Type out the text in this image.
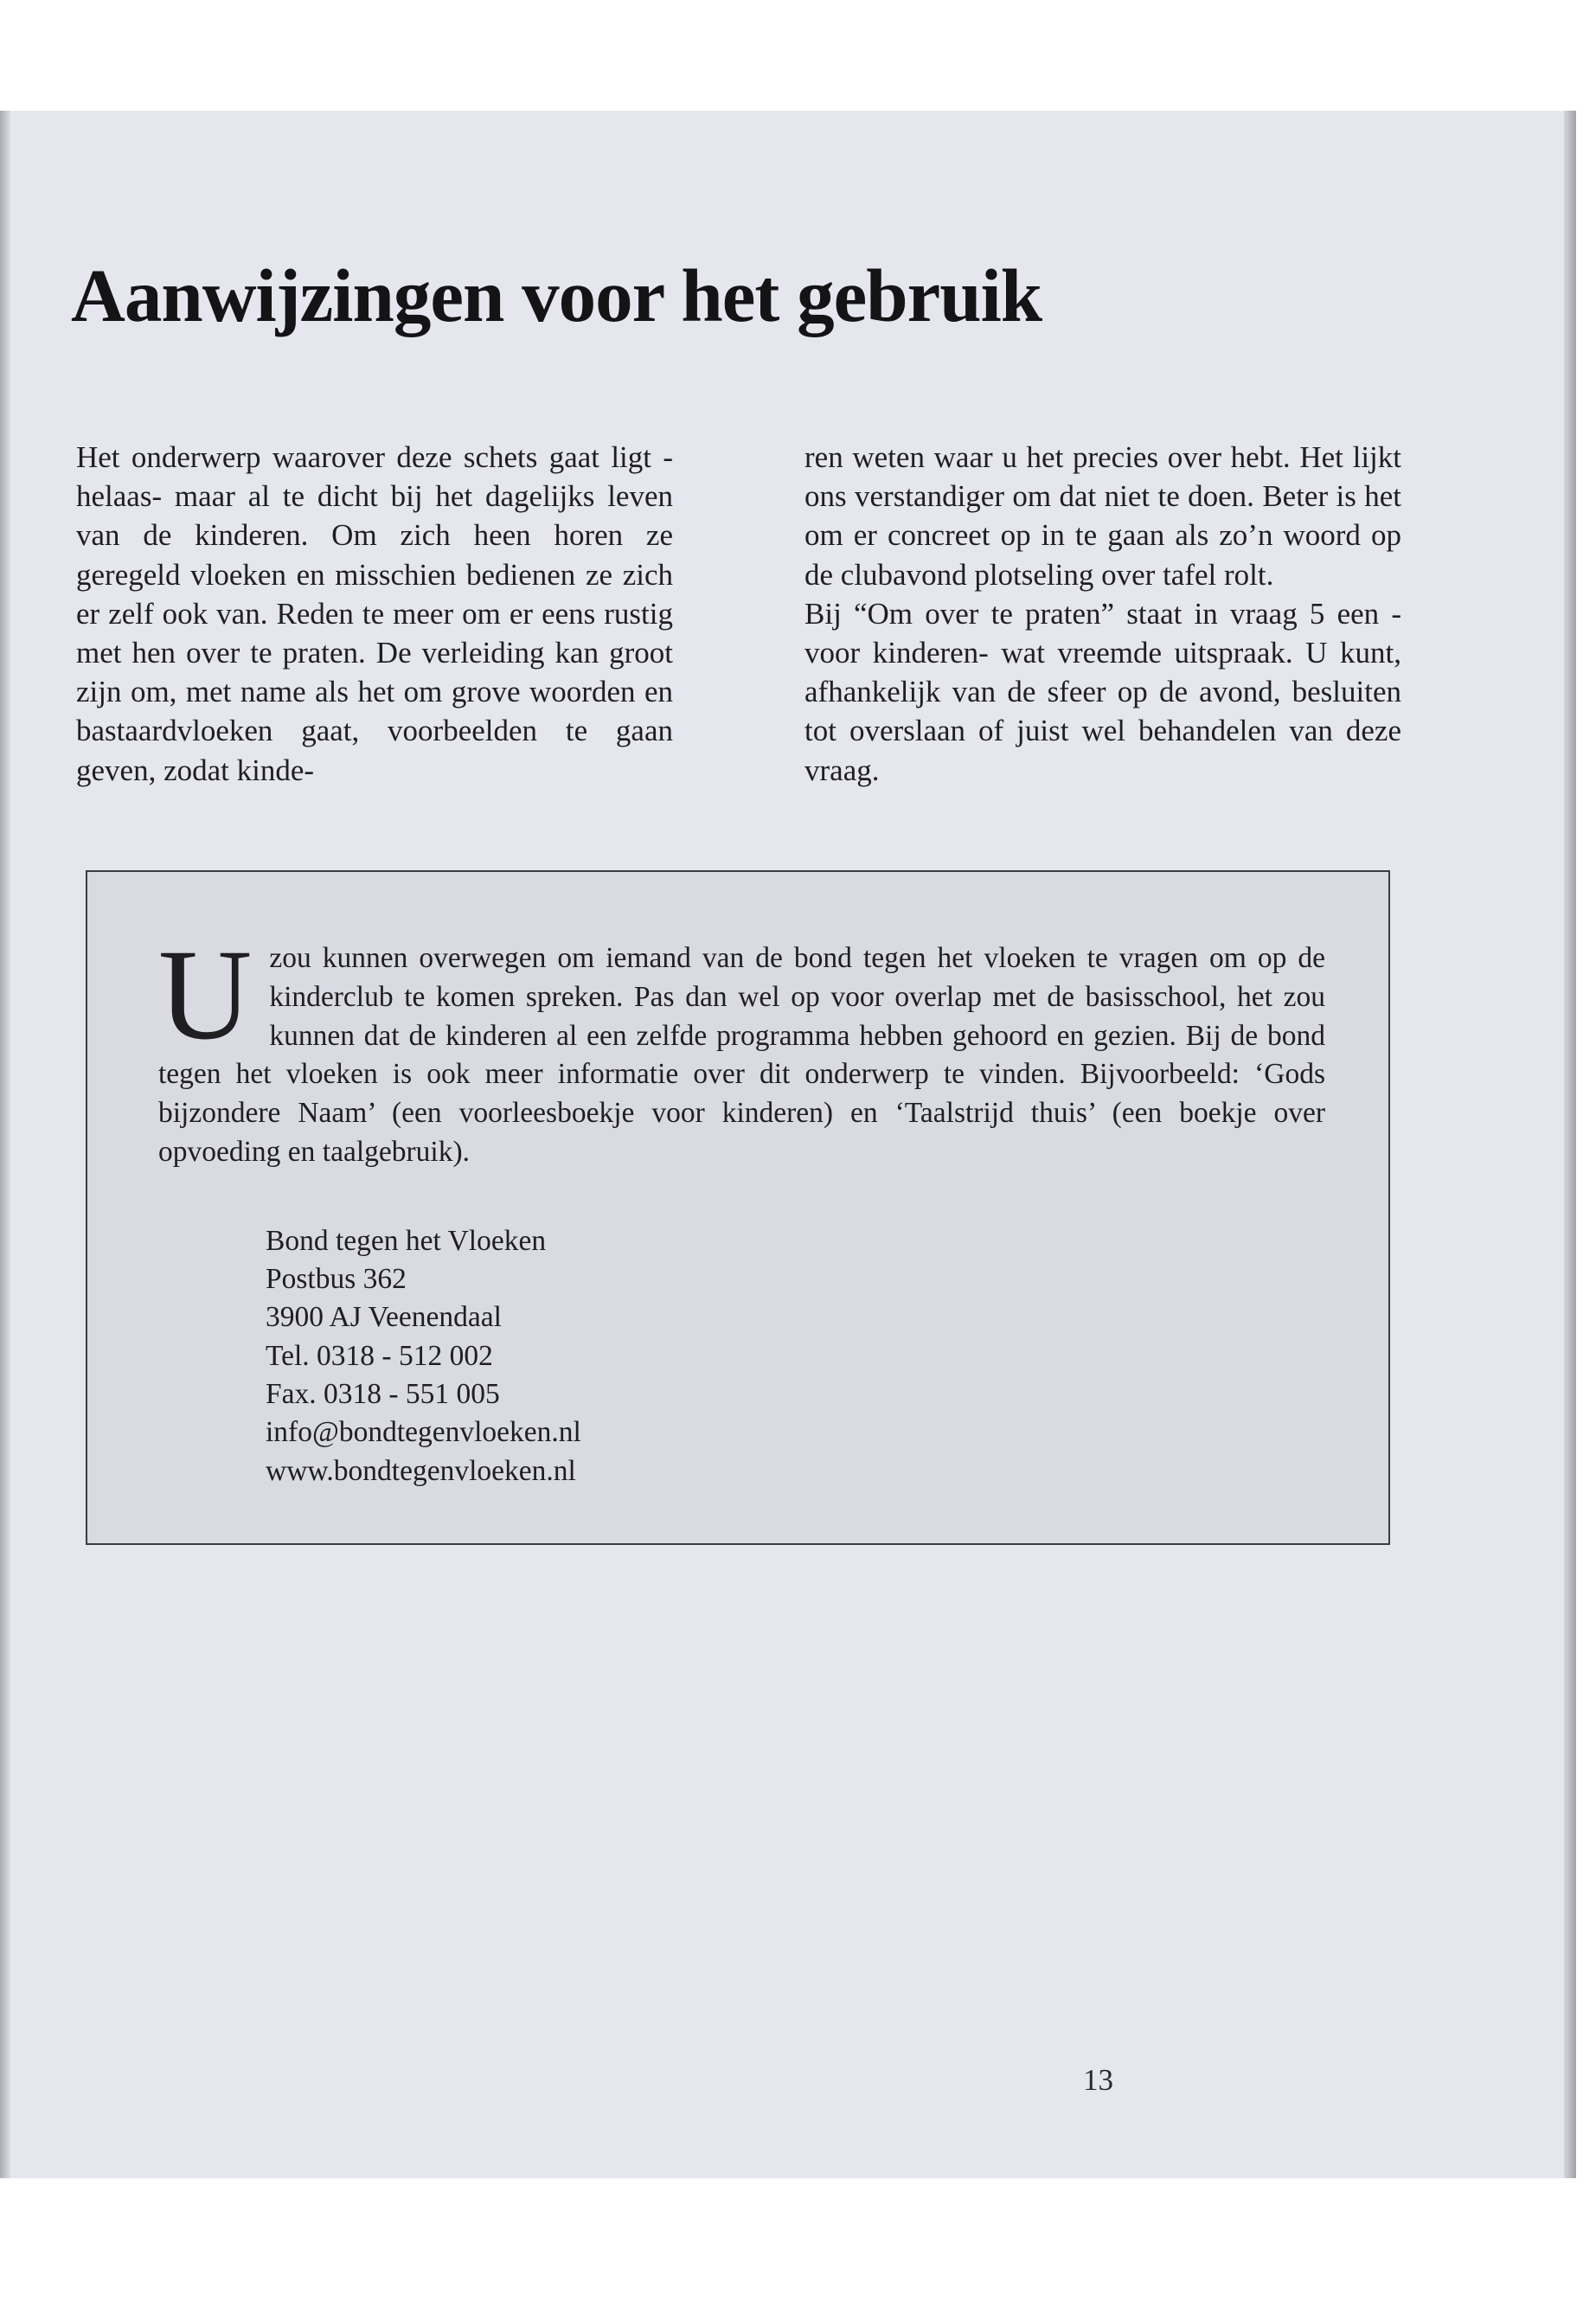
Aanwijzingen voor het gebruik

Het onderwerp waarover deze schets gaat ligt -helaas- maar al te dicht bij het dagelijks leven van de kinderen. Om zich heen horen ze geregeld vloeken en misschien bedienen ze zich er zelf ook van. Reden te meer om er eens rustig met hen over te praten. De verleiding kan groot zijn om, met name als het om grove woorden en bastaardvloeken gaat, voorbeelden te gaan geven, zodat kinde-

ren weten waar u het precies over hebt. Het lijkt ons verstandiger om dat niet te doen. Beter is het om er concreet op in te gaan als zo’n woord op de clubavond plotseling over tafel rolt.

Bij “Om over te praten” staat in vraag 5 een -voor kinderen- wat vreemde uitspraak. U kunt, afhankelijk van de sfeer op de avond, besluiten tot overslaan of juist wel behandelen van deze vraag.

U zou kunnen overwegen om iemand van de bond tegen het vloeken te vragen om op de kinderclub te komen spreken. Pas dan wel op voor overlap met de basisschool, het zou kunnen dat de kinderen al een zelfde programma hebben gehoord en gezien. Bij de bond tegen het vloeken is ook meer informatie over dit onderwerp te vinden. Bijvoorbeeld: ‘Gods bijzondere Naam’ (een voorleesboekje voor kinderen) en ‘Taalstrijd thuis’ (een boekje over opvoeding en taalgebruik).

Bond tegen het Vloeken
Postbus 362
3900 AJ Veenendaal
Tel. 0318 - 512 002
Fax. 0318 - 551 005
info@bondtegenvloeken.nl
www.bondtegenvloeken.nl

13
